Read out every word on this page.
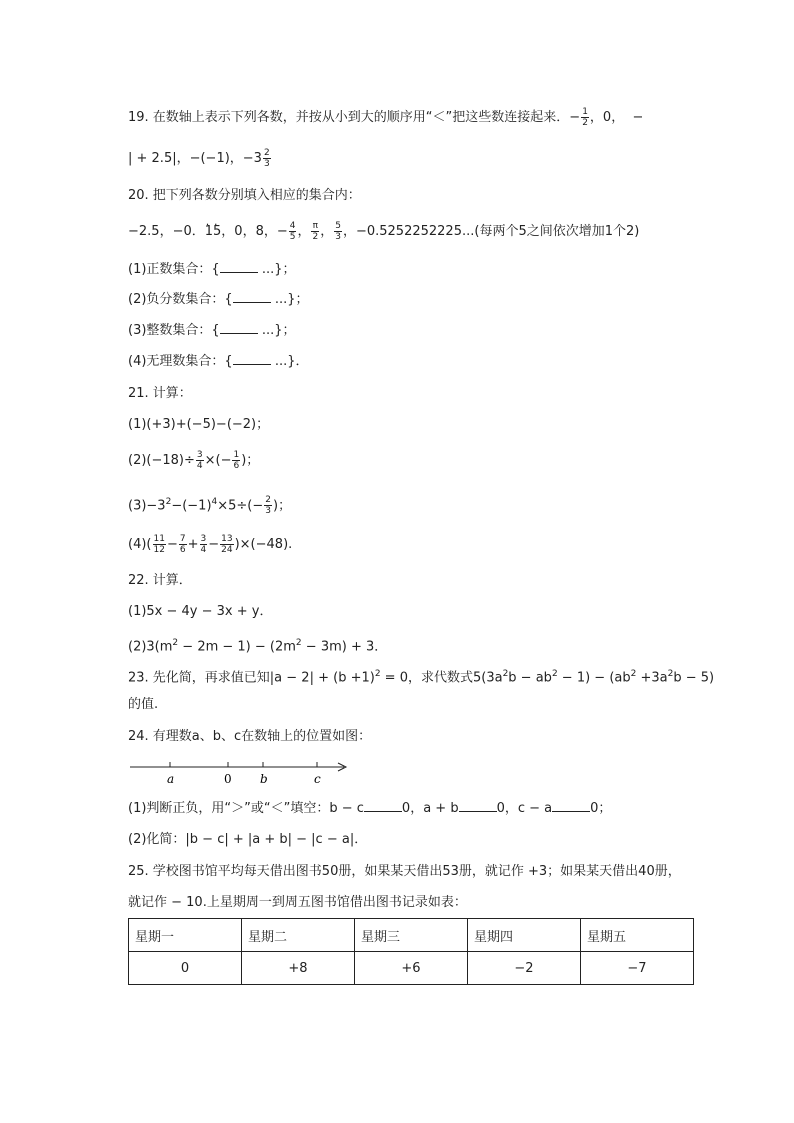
19. 在数轴上表示下列各数，并按从小到大的顺序用“＜”把这些数连接起来．− $\frac{1}{2}$ ，0， −
| + 2.5|，−(−1)，$-3 \frac{2}{3}$
20. 把下列各数分别填入相应的集合内：
−2.5，−0．· 1· 5，0，8，− $\frac{4}{5}$ ， $\frac{\pi}{2}$ ， $\frac{5}{3}$ ，−0.5252252225...(每两个5之间依次增加1个2)
(1)正数集合：{	...}；
(2)负分数集合：{	...}；
(3)整数集合：{	...}；
(4)无理数集合：{	...}．
21. 计算：
(1)(+3)+(−5)−(−2)；
$(2)(-18)\div \frac{3}{4}$ ×(− $\frac{1}{6}$ )；
$(3)-3^2-(-1)^4\times 5\div(- \frac{2}{3}$ )；
$(4)( \frac{11}{12} - \frac{7}{6} + \frac{3}{4} - \frac{13}{24} )\times(-48)$.
22. 计算．
(1)5x − 4y − 3x + y．
$(2)3(m^2 - 2m - 1) - (2m^2 - 3m) + 3$．
23. 先化简，再求值已知$|a - 2| + (b +1)^2 = 0$，求代数式$5(3a^2b - ab^2 - 1) - (ab^2 +3a^2b - 5)$
的值.
24. 有理数a、b、c在数轴上的位置如图：
a	0 b	c
(1)判断正负，用“＞”或“＜”填空：b − c	0，a + b	0，c − a	0；
(2)化简：|b − c| + |a + b| − |c − a|．
25. 学校图书馆平均每天借出图书50册，如果某天借出53册，就记作 +3；如果某天借出40册，
就记作 − 10.上星期周一到周五图书馆借出图书记录如表：
星期一	星期二	星期三	星期四	星期五
0	+8	+6	−2	−7
